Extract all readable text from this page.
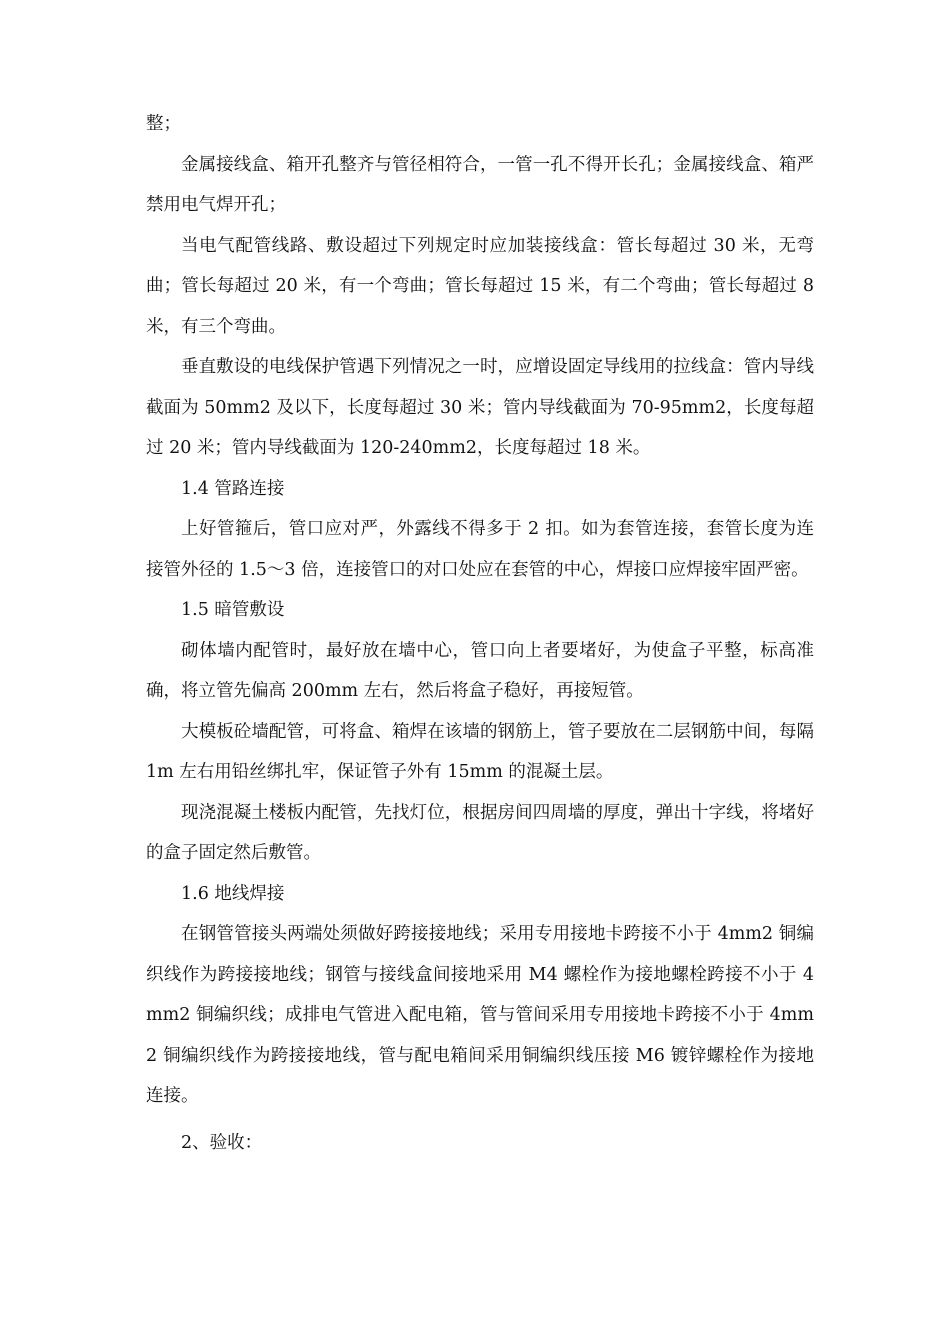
整；

金属接线盒、箱开孔整齐与管径相符合，一管一孔不得开长孔；金属接线盒、箱严禁用电气焊开孔；

当电气配管线路、敷设超过下列规定时应加装接线盒：管长每超过 30 米，无弯曲；管长每超过 20 米，有一个弯曲；管长每超过 15 米，有二个弯曲；管长每超过 8 米，有三个弯曲。

垂直敷设的电线保护管遇下列情况之一时，应增设固定导线用的拉线盒：管内导线截面为 50mm2 及以下，长度每超过 30 米；管内导线截面为 70-95mm2，长度每超过 20 米；管内导线截面为 120-240mm2，长度每超过 18 米。

1.4 管路连接

上好管箍后，管口应对严，外露线不得多于 2 扣。如为套管连接，套管长度为连接管外径的 1.5～3 倍，连接管口的对口处应在套管的中心，焊接口应焊接牢固严密。

1.5 暗管敷设

砌体墙内配管时，最好放在墙中心，管口向上者要堵好，为使盒子平整，标高准确，将立管先偏高 200mm 左右，然后将盒子稳好，再接短管。

大模板砼墙配管，可将盒、箱焊在该墙的钢筋上，管子要放在二层钢筋中间，每隔 1m 左右用铅丝绑扎牢，保证管子外有 15mm 的混凝土层。

现浇混凝土楼板内配管，先找灯位，根据房间四周墙的厚度，弹出十字线，将堵好的盒子固定然后敷管。

1.6 地线焊接

在钢管管接头两端处须做好跨接接地线；采用专用接地卡跨接不小于 4mm2 铜编织线作为跨接接地线；钢管与接线盒间接地采用 M4 螺栓作为接地螺栓跨接不小于 4mm2 铜编织线；成排电气管进入配电箱，管与管间采用专用接地卡跨接不小于 4mm2 铜编织线作为跨接接地线，管与配电箱间采用铜编织线压接 M6 镀锌螺栓作为接地连接。

2、验收：
